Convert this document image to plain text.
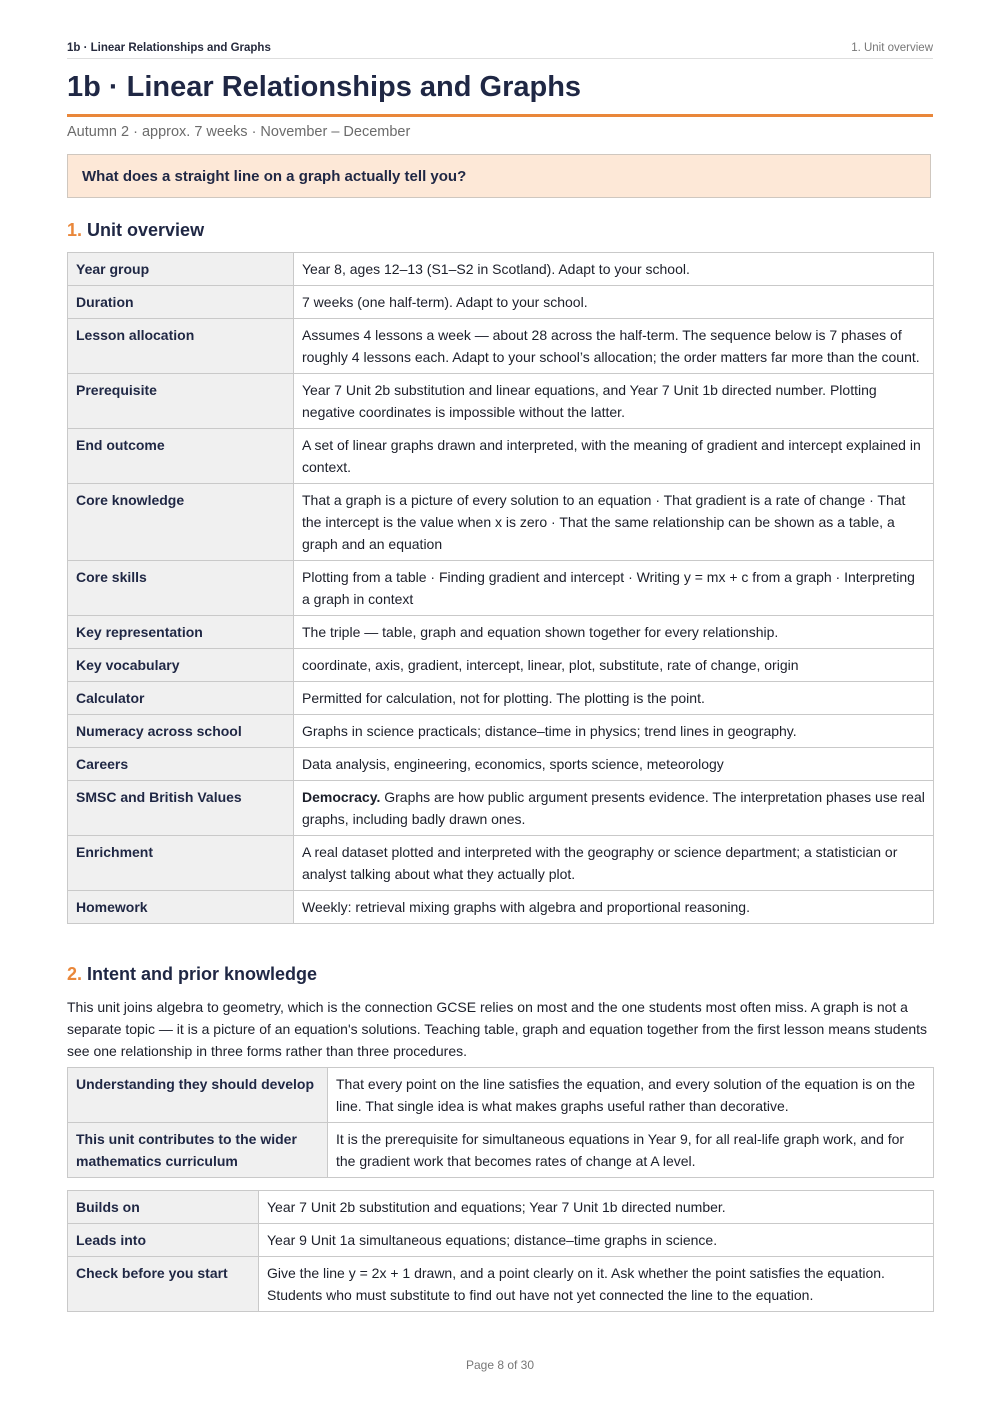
1b · Linear Relationships and Graphs	1. Unit overview
1b · Linear Relationships and Graphs
Autumn 2 · approx. 7 weeks · November – December
What does a straight line on a graph actually tell you?
1. Unit overview
Year group	Year 8, ages 12–13 (S1–S2 in Scotland). Adapt to your school.
Duration	7 weeks (one half-term). Adapt to your school.
Lesson allocation	Assumes 4 lessons a week — about 28 across the half-term. The sequence below is 7 phases of roughly 4 lessons each. Adapt to your school’s allocation; the order matters far more than the count.
Prerequisite	Year 7 Unit 2b substitution and linear equations, and Year 7 Unit 1b directed number. Plotting negative coordinates is impossible without the latter.
End outcome	A set of linear graphs drawn and interpreted, with the meaning of gradient and intercept explained in context.
Core knowledge	That a graph is a picture of every solution to an equation · That gradient is a rate of change · That the intercept is the value when x is zero · That the same relationship can be shown as a table, a graph and an equation
Core skills	Plotting from a table · Finding gradient and intercept · Writing y = mx + c from a graph · Interpreting a graph in context
Key representation	The triple — table, graph and equation shown together for every relationship.
Key vocabulary	coordinate, axis, gradient, intercept, linear, plot, substitute, rate of change, origin
Calculator	Permitted for calculation, not for plotting. The plotting is the point.
Numeracy across school	Graphs in science practicals; distance–time in physics; trend lines in geography.
Careers	Data analysis, engineering, economics, sports science, meteorology
SMSC and British Values	Democracy. Graphs are how public argument presents evidence. The interpretation phases use real graphs, including badly drawn ones.
Enrichment	A real dataset plotted and interpreted with the geography or science department; a statistician or analyst talking about what they actually plot.
Homework	Weekly: retrieval mixing graphs with algebra and proportional reasoning.
2. Intent and prior knowledge

This unit joins algebra to geometry, which is the connection GCSE relies on most and the one students most often miss. A graph is not a separate topic — it is a picture of an equation's solutions. Teaching table, graph and equation together from the first lesson means students see one relationship in three forms rather than three procedures.

Understanding they should develop	That every point on the line satisfies the equation, and every solution of the equation is on the line. That single idea is what makes graphs useful rather than decorative.
This unit contributes to the wider mathematics curriculum	It is the prerequisite for simultaneous equations in Year 9, for all real-life graph work, and for the gradient work that becomes rates of change at A level.
Builds on	Year 7 Unit 2b substitution and equations; Year 7 Unit 1b directed number.
Leads into	Year 9 Unit 1a simultaneous equations; distance–time graphs in science.
Check before you start	Give the line y = 2x + 1 drawn, and a point clearly on it. Ask whether the point satisfies the equation. Students who must substitute to find out have not yet connected the line to the equation.
Page 8 of 30
